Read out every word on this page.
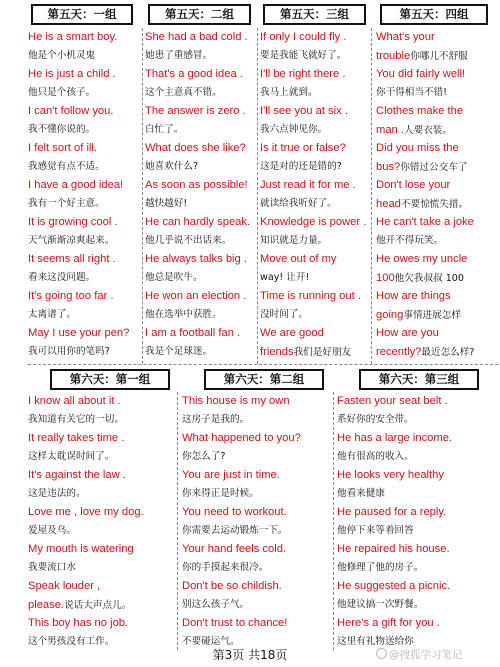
第五天：一组
He is a smart boy.
他是个小机灵鬼
He is just a child .
他只是个孩子。
I can't follow you.
我不懂你说的。
I felt sort of ill.
我感觉有点不适。
I have a good idea!
我有一个好主意。
It is growing cool .
天气渐渐凉爽起来。
It seems all right .
看来这没问题。
It's going too far .
太离谱了。
May I use your pen?
我可以用你的笔吗?
第五天：二组
She had a bad cold .
她患了重感冒。
That's a good idea .
这个主意真不错。
The answer is zero .
白忙了。
What does she like?
她喜欢什么?
As soon as possible!
越快越好!
He can hardly speak.
他几乎说不出话来。
He always talks big .
他总是吹牛。
He won an election .
他在选举中获胜。
I am a football fan .
我是个足球迷。
第五天：三组
If only I could fly .
要是我能飞就好了。
I'll be right there .
我马上就到。
I'll see you at six .
我六点钟见你。
Is it true or false?
这是对的还是错的?
Just read it for me .
就读给我听好了。
Knowledge is power .
知识就是力量。
Move out of my
way! 让开!
Time is running out .
没时间了。
We are good
friends我们是好朋友
第五天：四组
What's your
trouble你哪儿不舒服
You did fairly well!
你干得相当不错!
Clothes make the
man .人要衣装。
Did you miss the
bus?你错过公交车了
Don't lose your
head不要惊慌失措。
He can't take a joke
他开不得玩笑。
He owes my uncle
100他欠我叔叔 100
How are things
going事情进展怎样
How are you
recently?最近怎么样?
第六天：第一组
I know all about it .
我知道有关它的一切。
It really takes time .
这样太耽误时间了。
It's against the law .
这是违法的。
Love me , love my dog.
爱屋及乌。
My mouth is watering
我要流口水
Speak louder ,
please.说话大声点儿。
This boy has no job.
这个男孩没有工作。
第六天：第二组
This house is my own
这房子是我的。
What happened to you?
你怎么了?
You are just in time.
你来得正是时候。
You need to workout.
你需要去运动锻炼一下。
Your hand feels cold.
你的手摸起来很冷。
Don't be so childish.
别这么孩子气。
Don't trust to chance!
不要碰运气。
第六天：第三组
Fasten your seat belt .
系好你的安全带。
He has a large income.
他有很高的收入。
He looks very healthy
他看来健康
He paused for a reply.
他停下来等着回答
He repaired his house.
他修理了他的房子。
He suggested a picnic.
他建议搞一次野餐。
Here's a gift for you .
这里有礼物送给你
第3页 共18页	@搜狐学习笔记
